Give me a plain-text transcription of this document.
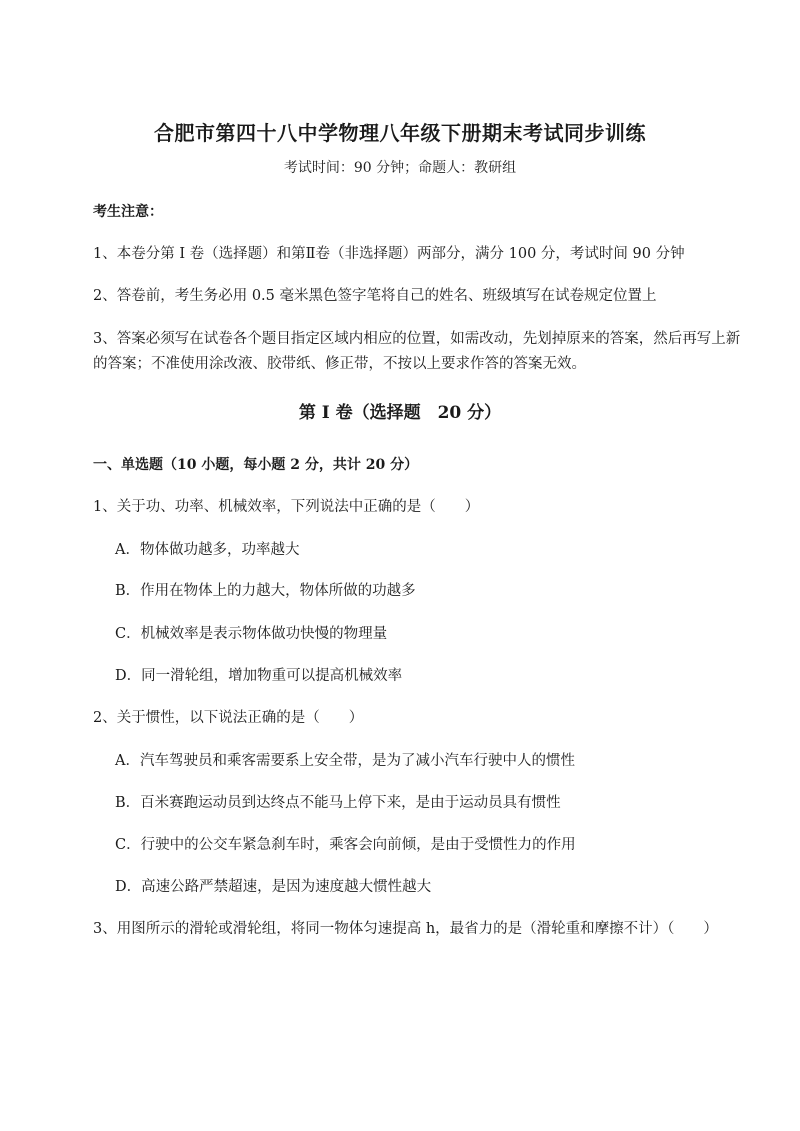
合肥市第四十八中学物理八年级下册期末考试同步训练
考试时间：90 分钟；命题人：教研组
考生注意：
1、本卷分第 I 卷（选择题）和第Ⅱ卷（非选择题）两部分，满分 100 分，考试时间 90 分钟
2、答卷前，考生务必用 0.5 毫米黑色签字笔将自己的姓名、班级填写在试卷规定位置上
3、答案必须写在试卷各个题目指定区域内相应的位置，如需改动，先划掉原来的答案，然后再写上新
的答案；不准使用涂改液、胶带纸、修正带，不按以上要求作答的答案无效。
第 I 卷（选择题　20 分）
一、单选题（10 小题，每小题 2 分，共计 20 分）
1、关于功、功率、机械效率，下列说法中正确的是（　　）
A．物体做功越多，功率越大
B．作用在物体上的力越大，物体所做的功越多
C．机械效率是表示物体做功快慢的物理量
D．同一滑轮组，增加物重可以提高机械效率
2、关于惯性，以下说法正确的是（　　）
A．汽车驾驶员和乘客需要系上安全带，是为了减小汽车行驶中人的惯性
B．百米赛跑运动员到达终点不能马上停下来，是由于运动员具有惯性
C．行驶中的公交车紧急刹车时，乘客会向前倾，是由于受惯性力的作用
D．高速公路严禁超速，是因为速度越大惯性越大
3、用图所示的滑轮或滑轮组，将同一物体匀速提高 h，最省力的是（滑轮重和摩擦不计）（　　）
